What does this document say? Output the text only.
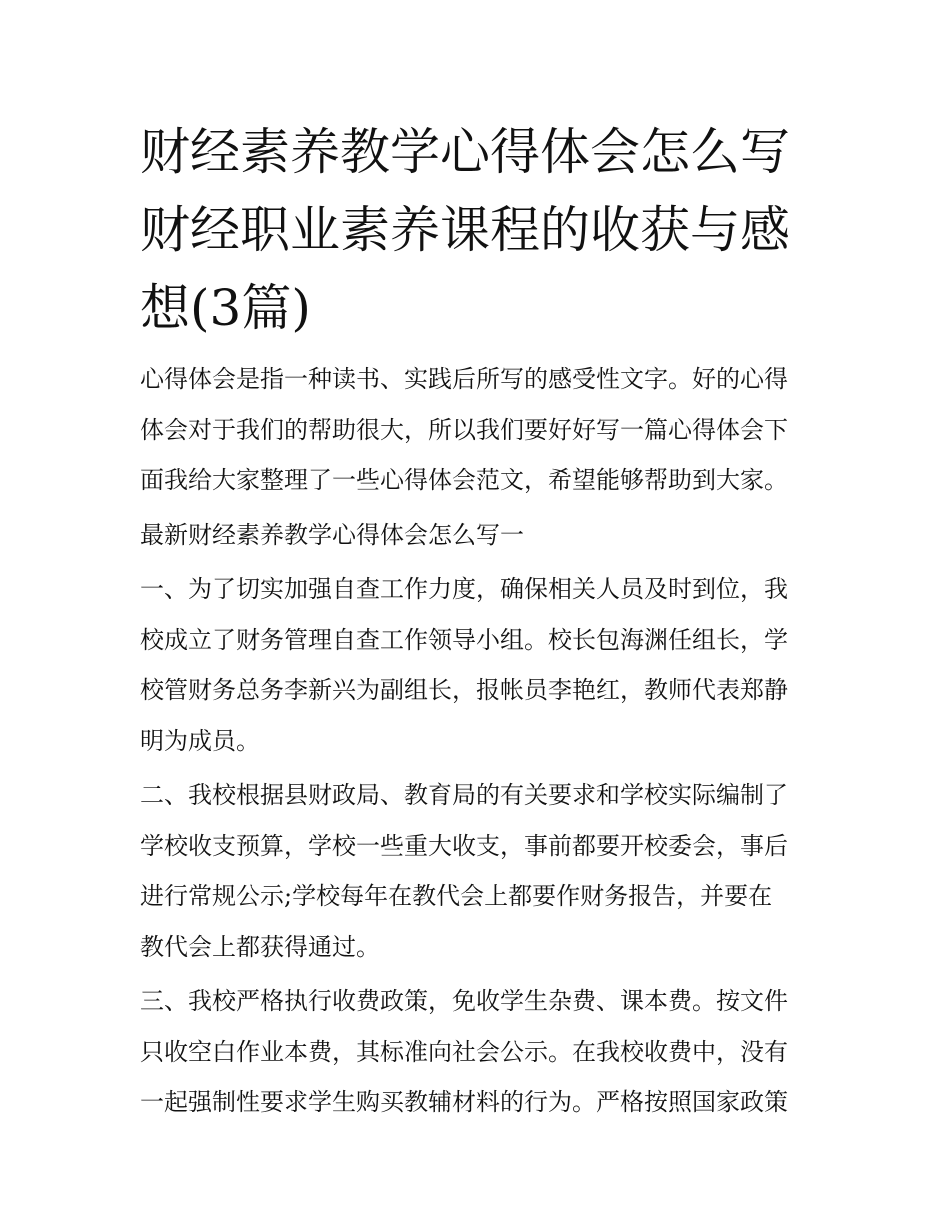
财经素养教学心得体会怎么写
财经职业素养课程的收获与感
想(3篇)

心得体会是指一种读书、实践后所写的感受性文字。好的心得
体会对于我们的帮助很大，所以我们要好好写一篇心得体会下
面我给大家整理了一些心得体会范文，希望能够帮助到大家。

最新财经素养教学心得体会怎么写一

一、为了切实加强自查工作力度，确保相关人员及时到位，我
校成立了财务管理自查工作领导小组。校长包海渊任组长，学
校管财务总务李新兴为副组长，报帐员李艳红，教师代表郑静
明为成员。

二、我校根据县财政局、教育局的有关要求和学校实际编制了
学校收支预算，学校一些重大收支，事前都要开校委会，事后
进行常规公示;学校每年在教代会上都要作财务报告，并要在
教代会上都获得通过。

三、我校严格执行收费政策，免收学生杂费、课本费。按文件
只收空白作业本费，其标准向社会公示。在我校收费中，没有
一起强制性要求学生购买教辅材料的行为。严格按照国家政策
